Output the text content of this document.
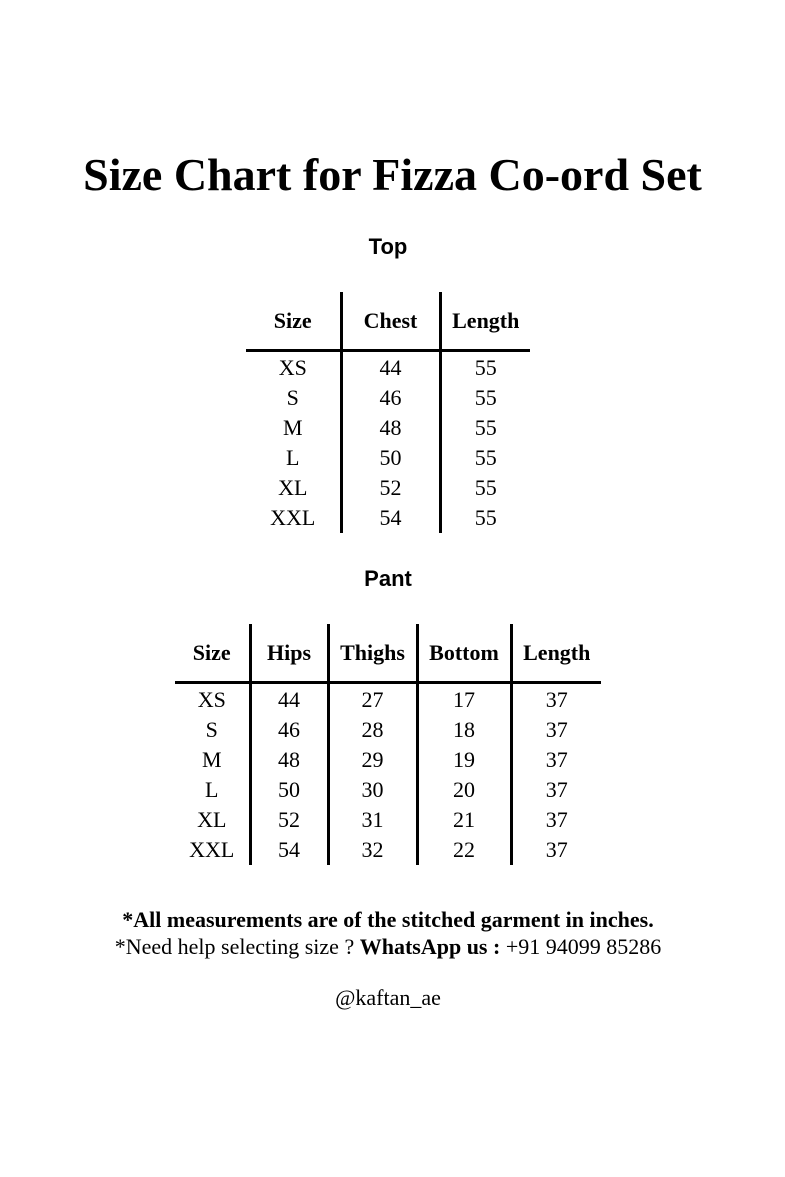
Size Chart for Fizza Co-ord Set
Top
Size	Chest	Length
XS	44	55
S	46	55
M	48	55
L	50	55
XL	52	55
XXL	54	55
Pant
Size	Hips	Thighs	Bottom	Length
XS	44	27	17	37
S	46	28	18	37
M	48	29	19	37
L	50	30	20	37
XL	52	31	21	37
XXL	54	32	22	37
*All measurements are of the stitched garment in inches.
*Need help selecting size ? WhatsApp us : +91 94099 85286
@kaftan_ae
